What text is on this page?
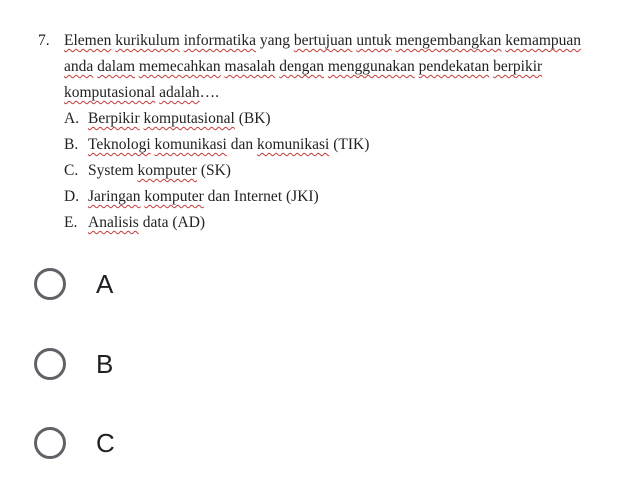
7. Elemen kurikulum informatika yang bertujuan untuk mengembangkan kemampuan
anda dalam memecahkan masalah dengan menggunakan pendekatan berpikir
komputasional adalah….
A. Berpikir komputasional (BK)
B. Teknologi komunikasi dan komunikasi (TIK)
C. System komputer (SK)
D. Jaringan komputer dan Internet (JKI)
E. Analisis data (AD)
A
B
C
